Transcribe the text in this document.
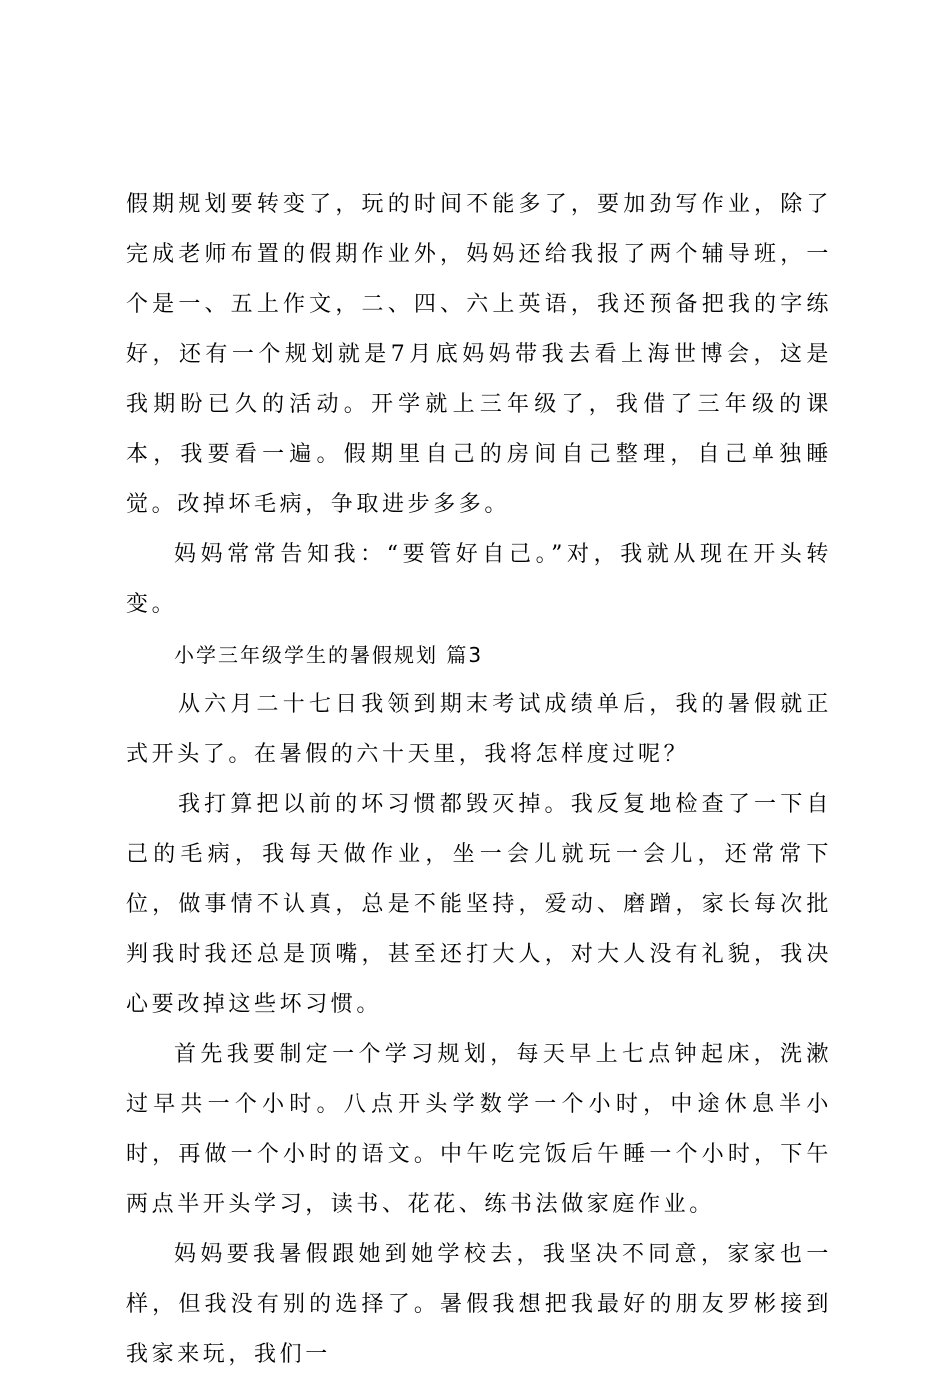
假期规划要转变了，玩的时间不能多了，要加劲写作业，除了完成老师布置的假期作业外，妈妈还给我报了两个辅导班，一个是一、五上作文，二、四、六上英语，我还预备把我的字练好，还有一个规划就是7月底妈妈带我去看上海世博会，这是我期盼已久的活动。开学就上三年级了，我借了三年级的课本，我要看一遍。假期里自己的房间自己整理，自己单独睡觉。改掉坏毛病，争取进步多多。

妈妈常常告知我：“要管好自己。”对，我就从现在开头转变。

小学三年级学生的暑假规划 篇3

从六月二十七日我领到期末考试成绩单后，我的暑假就正式开头了。在暑假的六十天里，我将怎样度过呢？

我打算把以前的坏习惯都毁灭掉。我反复地检查了一下自己的毛病，我每天做作业，坐一会儿就玩一会儿，还常常下位，做事情不认真，总是不能坚持，爱动、磨蹭，家长每次批判我时我还总是顶嘴，甚至还打大人，对大人没有礼貌，我决心要改掉这些坏习惯。

首先我要制定一个学习规划，每天早上七点钟起床，洗漱过早共一个小时。八点开头学数学一个小时，中途休息半小时，再做一个小时的语文。中午吃完饭后午睡一个小时，下午两点半开头学习，读书、花花、练书法做家庭作业。

妈妈要我暑假跟她到她学校去，我坚决不同意，家家也一样，但我没有别的选择了。暑假我想把我最好的朋友罗彬接到我家来玩，我们一
